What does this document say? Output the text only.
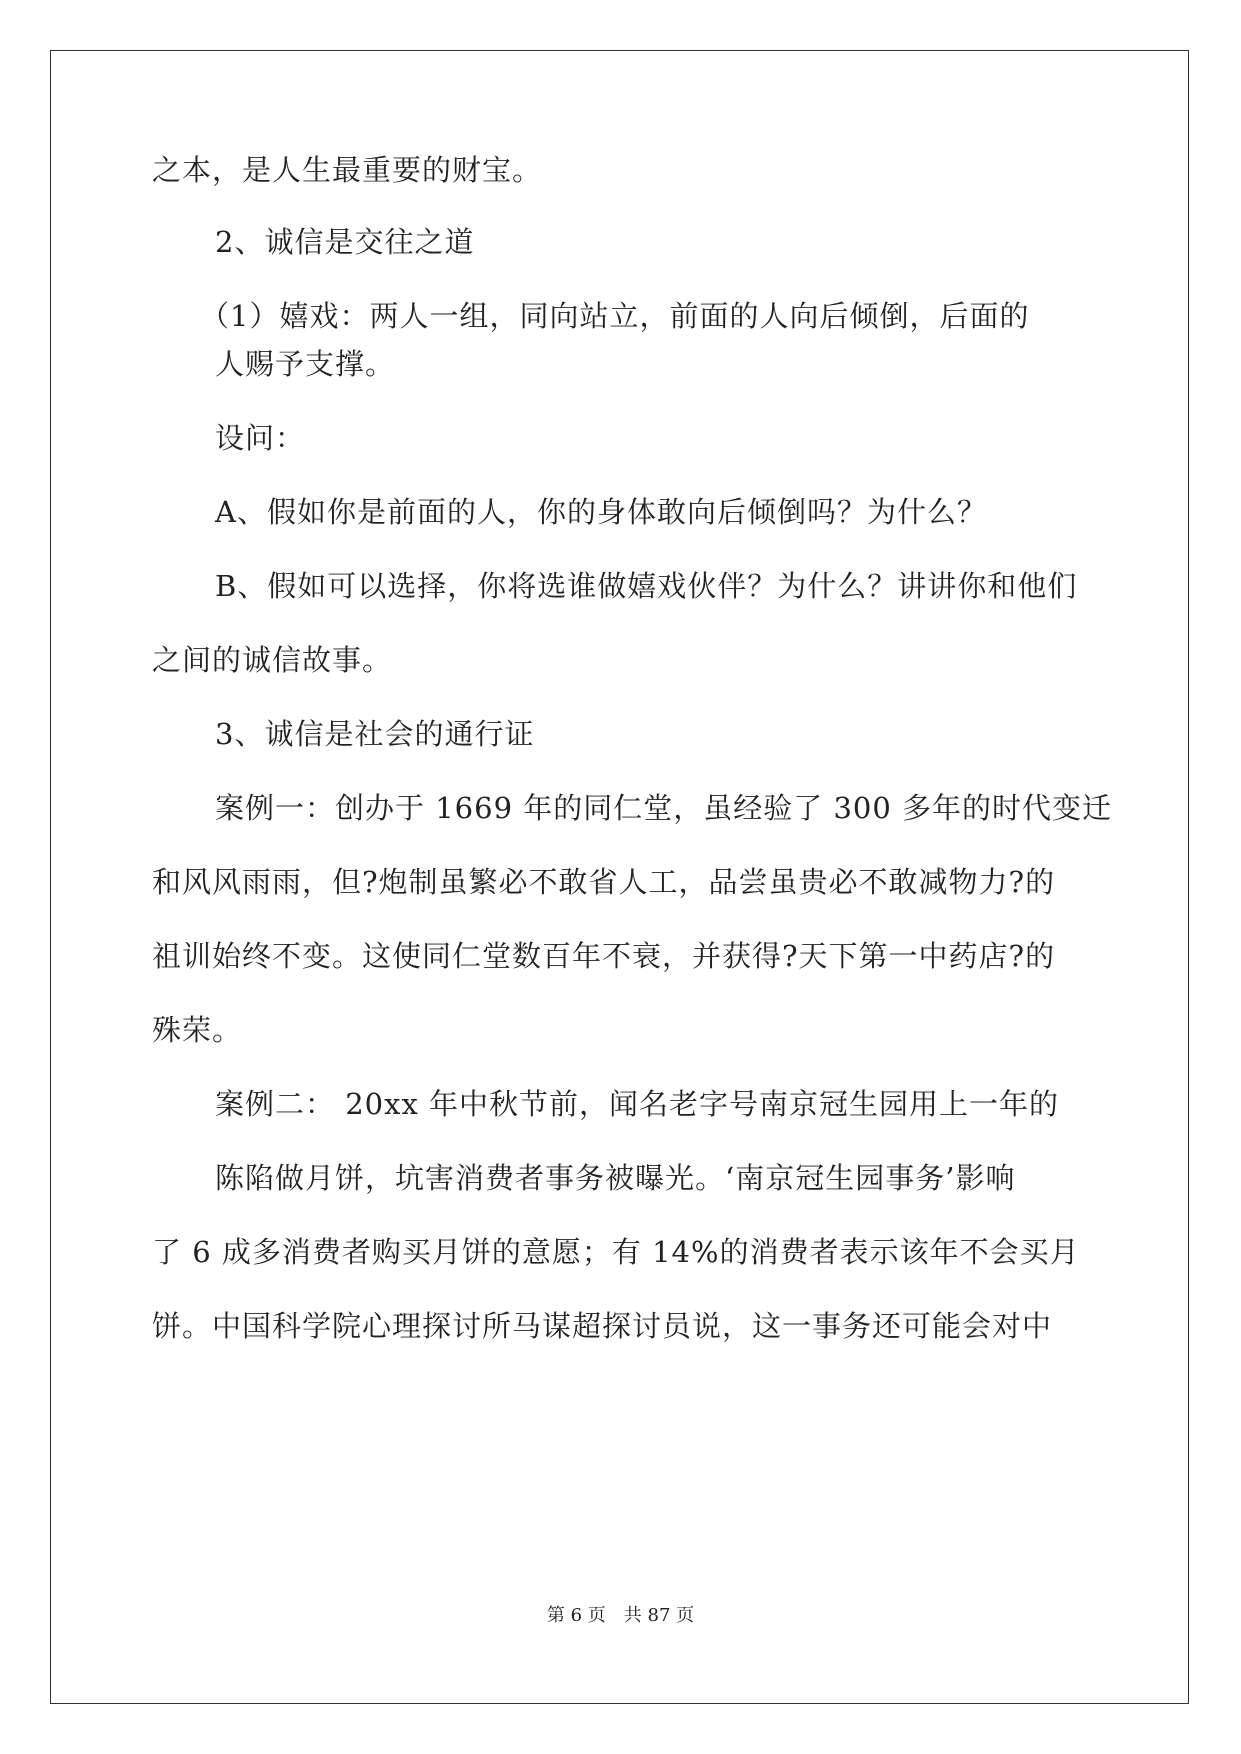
之本，是人生最重要的财宝。
2、诚信是交往之道
（1）嬉戏：两人一组，同向站立，前面的人向后倾倒，后面的
人赐予支撑。
设问：
A、假如你是前面的人，你的身体敢向后倾倒吗？为什么？
B、假如可以选择，你将选谁做嬉戏伙伴？为什么？讲讲你和他们
之间的诚信故事。
3、诚信是社会的通行证
案例一：创办于 1669 年的同仁堂，虽经验了 300 多年的时代变迁
和风风雨雨，但?炮制虽繁必不敢省人工，品尝虽贵必不敢减物力?的
祖训始终不变。这使同仁堂数百年不衰，并获得?天下第一中药店?的
殊荣。
案例二： 20xx 年中秋节前，闻名老字号南京冠生园用上一年的
陈陷做月饼，坑害消费者事务被曝光。‘南京冠生园事务’影响
了 6 成多消费者购买月饼的意愿；有 14%的消费者表示该年不会买月
饼。中国科学院心理探讨所马谋超探讨员说，这一事务还可能会对中
第 6 页　共 87 页
